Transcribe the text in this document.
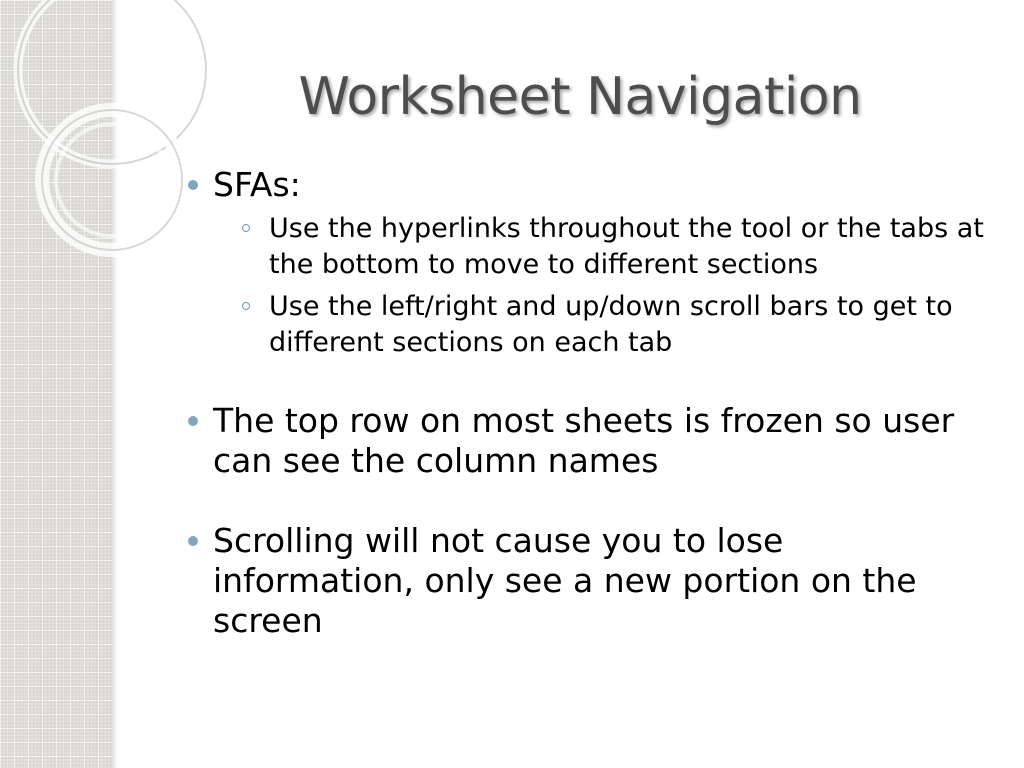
Worksheet Navigation
SFAs:
Use the hyperlinks throughout the tool or the tabs at the bottom to move to different sections
Use the left/right and up/down scroll bars to get to different sections on each tab
The top row on most sheets is frozen so user can see the column names
Scrolling will not cause you to lose information, only see a new portion on the screen
